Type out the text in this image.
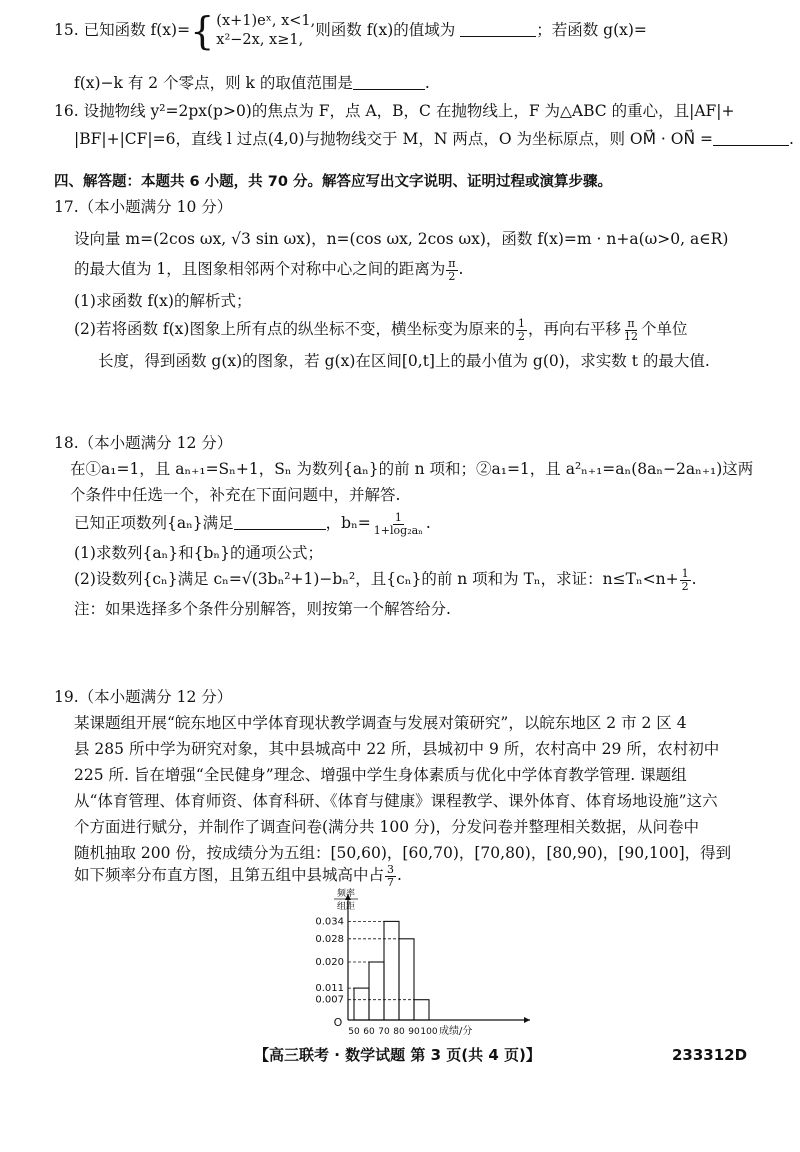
15. 已知函数 f(x)= { (x+1)eˣ, x<1,
x²−2x, x≥1,
则函数 f(x)的值域为	；若函数 g(x)=
f(x)−k 有 2 个零点，则 k 的取值范围是	.
16. 设抛物线 y²=2px(p>0)的焦点为 F，点 A，B，C 在抛物线上，F 为△ABC 的重心，且|AF|+
|BF|+|CF|=6，直线 l 过点(4,0)与抛物线交于 M，N 两点，O 为坐标原点，则 OM⃗ · ON⃗ =	.
四、解答题：本题共 6 小题，共 70 分。解答应写出文字说明、证明过程或演算步骤。
17.（本小题满分 10 分）
设向量 m=(2cos ωx, √3 sin ωx)，n=(cos ωx, 2cos ωx)，函数 f(x)=m · n+a(ω>0, a∈R)
的最大值为 1，且图象相邻两个对称中心之间的距离为 $\frac{\pi}{2}$ .
(1)求函数 f(x)的解析式；
(2)若将函数 f(x)图象上所有点的纵坐标不变，横坐标变为原来的 $\frac{1}{2}$ ，再向右平移 $\frac{\pi}{12}$ 个单位
长度，得到函数 g(x)的图象，若 g(x)在区间[0,t]上的最小值为 g(0)，求实数 t 的最大值.
18.（本小题满分 12 分）
在①a₁=1，且 aₙ₊₁=Sₙ+1，Sₙ 为数列{aₙ}的前 n 项和；②a₁=1，且 a²ₙ₊₁=aₙ(8aₙ−2aₙ₊₁)这两
个条件中任选一个，补充在下面问题中，并解答.
已知正项数列{aₙ}满足	，$b_n= \frac{1}{\text{1+log₂aₙ}}$ .
(1)求数列{aₙ}和{bₙ}的通项公式；
(2)设数列{cₙ}满足 cₙ=√(3bₙ²+1)−bₙ²，且{cₙ}的前 n 项和为 Tₙ，求证：$n\le T_n<n+ \frac{1}{2}$ .
注：如果选择多个条件分别解答，则按第一个解答给分.
19.（本小题满分 12 分）
某课题组开展“皖东地区中学体育现状教学调查与发展对策研究”，以皖东地区 2 市 2 区 4
县 285 所中学为研究对象，其中县城高中 22 所，县城初中 9 所，农村高中 29 所，农村初中
225 所. 旨在增强“全民健身”理念、增强中学生身体素质与优化中学体育教学管理. 课题组
从“体育管理、体育师资、体育科研、《体育与健康》课程教学、课外体育、体育场地设施”这六
个方面进行赋分，并制作了调查问卷(满分共 100 分)，分发问卷并整理相关数据，从问卷中
随机抽取 200 份，按成绩分为五组：[50,60)，[60,70)，[70,80)，[80,90)，[90,100]，得到
如下频率分布直方图，且第五组中县城高中占 $\frac{3}{7}$ .
0.034
0.028
0.020
0.011
0.007
50 60 70 80 90 100
O
频率
组距
成绩/分
【高三联考 · 数学试题 第 3 页(共 4 页)】	233312D
